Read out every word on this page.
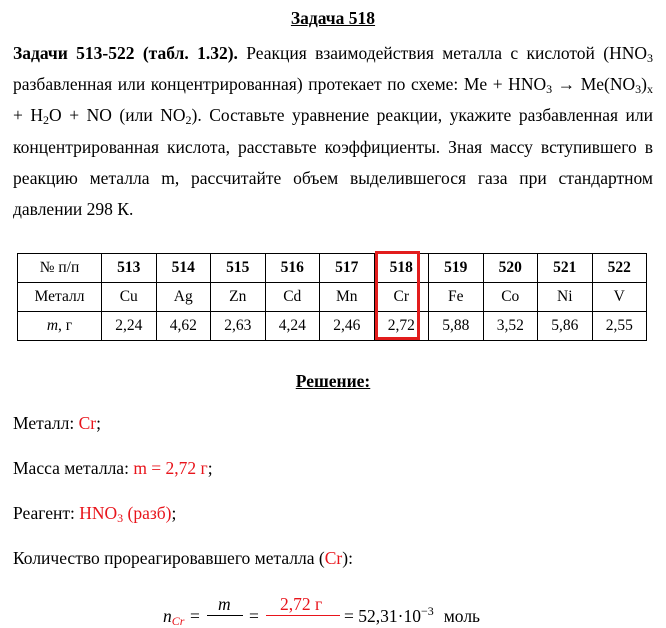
Задача 518
Задачи 513-522 (табл. 1.32). Реакция взаимодействия металла с кислотой ($HNO_3$ разбавленная или концентрированная) протекает по схеме: $Me + HNO_3 \to Me(NO_3)_x + H_2O$ + NO (или $NO_2$). Составьте уравнение реакции, укажите разбавленная или концентрированная кислота, расставьте коэффициенты. Зная массу вступившего в реакцию металла m, рассчитайте объем выделившегося газа при стандартном давлении 298 К.
№ п/п	513	514	515	516	517	518	519	520	521	522
Металл	Cu	Ag	Zn	Cd	Mn	Cr	Fe	Co	Ni	V
m, г	2,24	4,62	2,63	4,24	2,46	2,72	5,88	3,52	5,86	2,55
Решение:
Металл: Cr;
Масса металла: m = 2,72 г;
Реагент: $HNO_3$ (разб);
Количество прореагировавшего металла (Cr):
$n_{Cr}$ =
m
=
2,72 г
= $52,31\cdot 10^{-3}$ моль
